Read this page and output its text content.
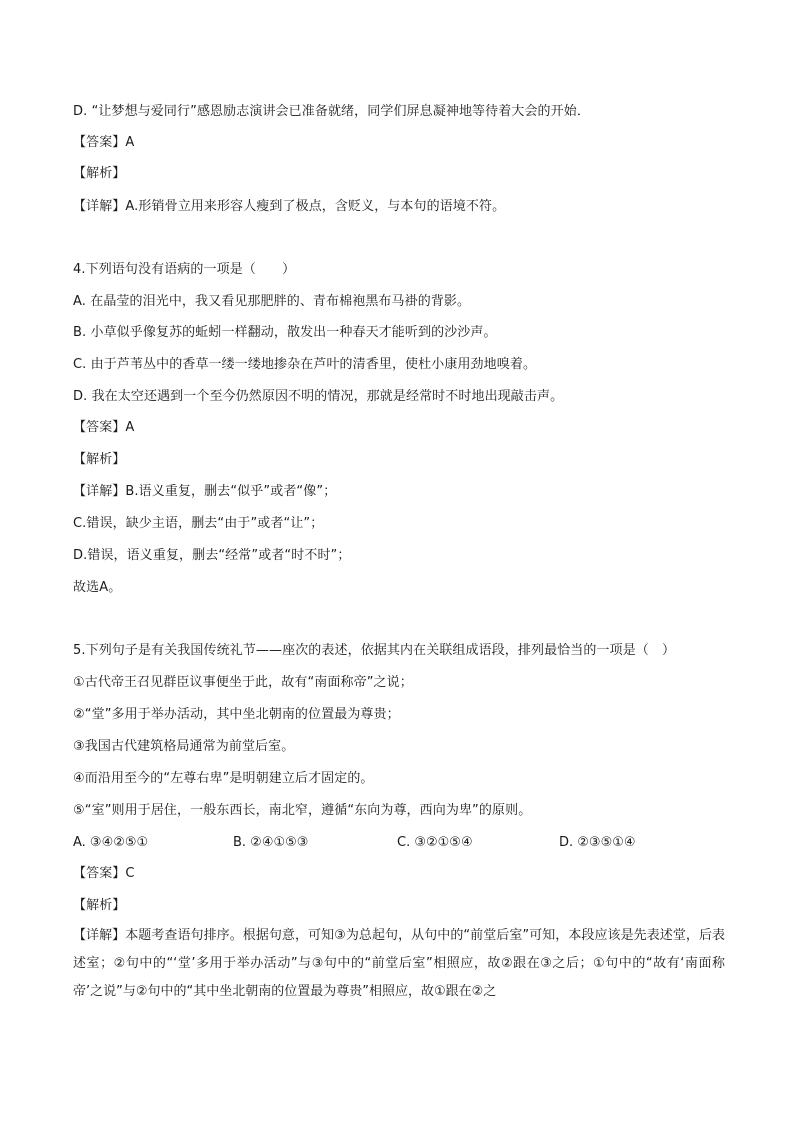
D. “让梦想与爱同行”感恩励志演讲会已准备就绪，同学们屏息凝神地等待着大会的开始．
【答案】A
【解析】
【详解】A.形销骨立用来形容人瘦到了极点，含贬义，与本句的语境不符。
4.下列语句没有语病的一项是（　　）
A. 在晶莹的泪光中，我又看见那肥胖的、青布棉袍黑布马褂的背影。
B. 小草似乎像复苏的蚯蚓一样翻动，散发出一种春天才能听到的沙沙声。
C. 由于芦苇丛中的香草一缕一缕地掺杂在芦叶的清香里，使杜小康用劲地嗅着。
D. 我在太空还遇到一个至今仍然原因不明的情况，那就是经常时不时地出现敲击声。
【答案】A
【解析】
【详解】B.语义重复，删去“似乎”或者“像”；
C.错误，缺少主语，删去“由于”或者“让”；
D.错误，语义重复，删去“经常”或者“时不时”；
故选A。
5.下列句子是有关我国传统礼节——座次的表述，依据其内在关联组成语段，排列最恰当的一项是（　）
①古代帝王召见群臣议事便坐于此，故有“南面称帝”之说；
②“堂”多用于举办活动，其中坐北朝南的位置最为尊贵；
③我国古代建筑格局通常为前堂后室。
④而沿用至今的“左尊右卑”是明朝建立后才固定的。
⑤“室”则用于居住，一般东西长，南北窄，遵循“东向为尊，西向为卑”的原则。
A. ③④②⑤①	B. ②④①⑤③	C. ③②①⑤④	D. ②③⑤①④
【答案】C
【解析】
【详解】本题考查语句排序。根据句意，可知③为总起句，从句中的“前堂后室”可知，本段应该是先表述堂，后表述室；②句中的“‘堂’多用于举办活动”与③句中的“前堂后室”相照应，故②跟在③之后；①句中的“故有‘南面称帝’之说”与②句中的“其中坐北朝南的位置最为尊贵”相照应，故①跟在②之
